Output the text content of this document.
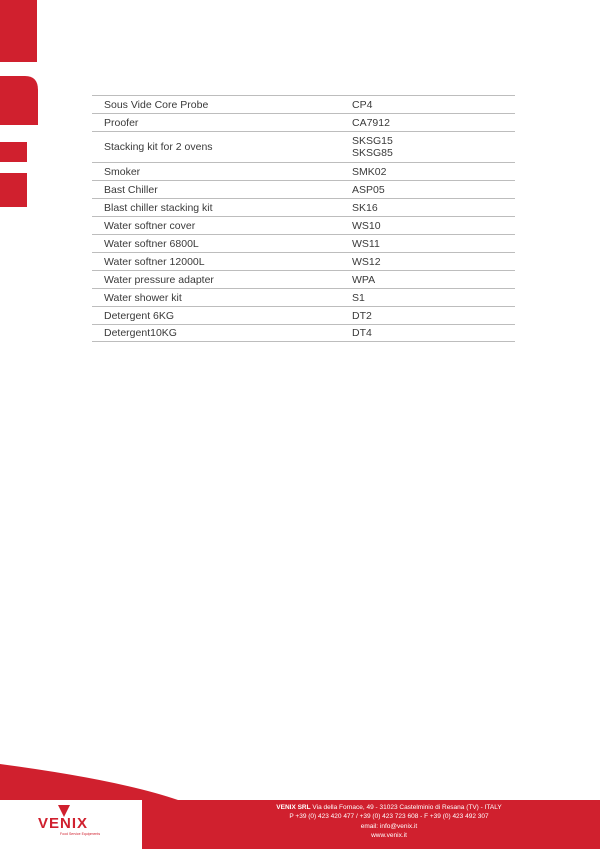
Sous Vide Core Probe	CP4
Proofer	CA7912
Stacking kit for 2 ovens	SKSG15
SKSG85
Smoker	SMK02
Bast Chiller	ASP05
Blast chiller stacking kit	SK16
Water softner cover	WS10
Water softner 6800L	WS11
Water softner 12000L	WS12
Water pressure adapter	WPA
Water shower kit	S1
Detergent 6KG	DT2
Detergent10KG	DT4
VENIX
Food Service Equipments
VENIX SRL Via della Fornace, 49 - 31023 Castelminio di Resana (TV) - ITALY
P +39 (0) 423 420 477 / +39 (0) 423 723 608 - F +39 (0) 423 492 307
email: info@venix.it
www.venix.it
